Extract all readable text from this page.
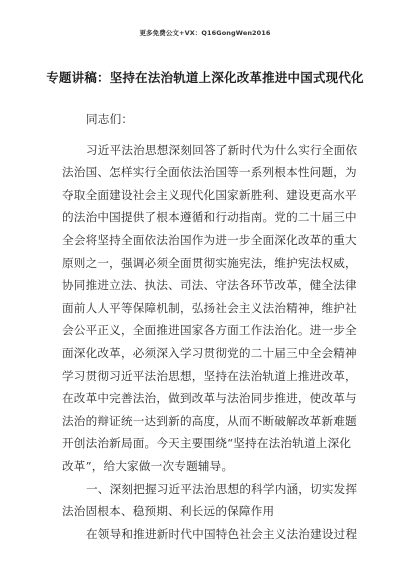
更多免费公文+VX：Q16GongWen2016
专题讲稿：坚持在法治轨道上深化改革推进中国式现代化
同志们：
习近平法治思想深刻回答了新时代为什么实行全面依
法治国、怎样实行全面依法治国等一系列根本性问题，为
夺取全面建设社会主义现代化国家新胜利、建设更高水平
的法治中国提供了根本遵循和行动指南。党的二十届三中
全会将坚持全面依法治国作为进一步全面深化改革的重大
原则之一，强调必须全面贯彻实施宪法，维护宪法权威，
协同推进立法、执法、司法、守法各环节改革，健全法律
面前人人平等保障机制，弘扬社会主义法治精神，维护社
会公平正义，全面推进国家各方面工作法治化。进一步全
面深化改革，必须深入学习贯彻党的二十届三中全会精神
学习贯彻习近平法治思想，坚持在法治轨道上推进改革，
在改革中完善法治，做到改革与法治同步推进，使改革与
法治的辩证统一达到新的高度，从而不断破解改革新难题
开创法治新局面。今天主要围绕“坚持在法治轨道上深化
改革”，给大家做一次专题辅导。
一、深刻把握习近平法治思想的科学内涵，切实发挥
法治固根本、稳预期、利长远的保障作用
在领导和推进新时代中国特色社会主义法治建设过程
